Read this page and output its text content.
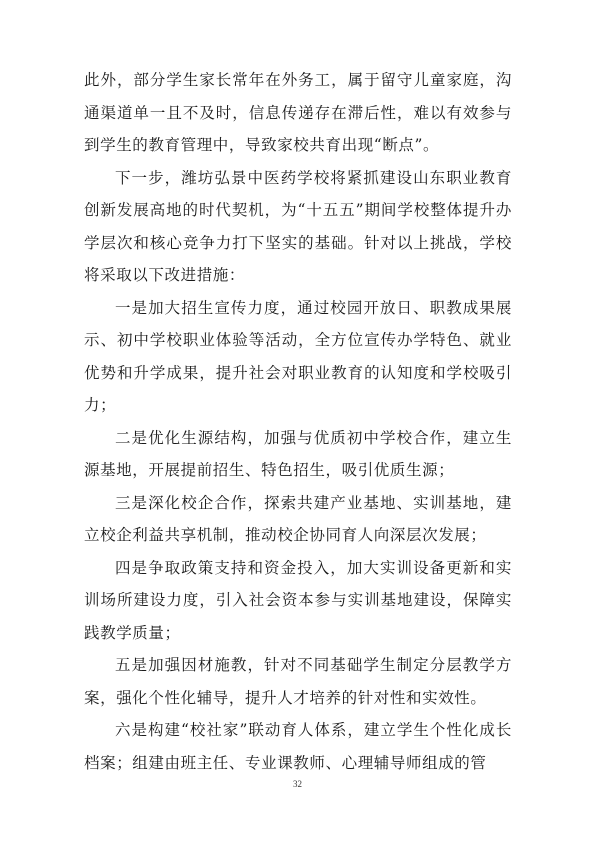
此外，部分学生家长常年在外务工，属于留守儿童家庭，沟通渠道单一且不及时，信息传递存在滞后性，难以有效参与到学生的教育管理中，导致家校共育出现“断点”。

下一步，潍坊弘景中医药学校将紧抓建设山东职业教育创新发展高地的时代契机，为“十五五”期间学校整体提升办学层次和核心竞争力打下坚实的基础。针对以上挑战，学校将采取以下改进措施：

一是加大招生宣传力度，通过校园开放日、职教成果展示、初中学校职业体验等活动，全方位宣传办学特色、就业优势和升学成果，提升社会对职业教育的认知度和学校吸引力；

二是优化生源结构，加强与优质初中学校合作，建立生源基地，开展提前招生、特色招生，吸引优质生源；

三是深化校企合作，探索共建产业基地、实训基地，建立校企利益共享机制，推动校企协同育人向深层次发展；

四是争取政策支持和资金投入，加大实训设备更新和实训场所建设力度，引入社会资本参与实训基地建设，保障实践教学质量；

五是加强因材施教，针对不同基础学生制定分层教学方案，强化个性化辅导，提升人才培养的针对性和实效性。

六是构建“校社家”联动育人体系，建立学生个性化成长档案；组建由班主任、专业课教师、心理辅导师组成的管

32
